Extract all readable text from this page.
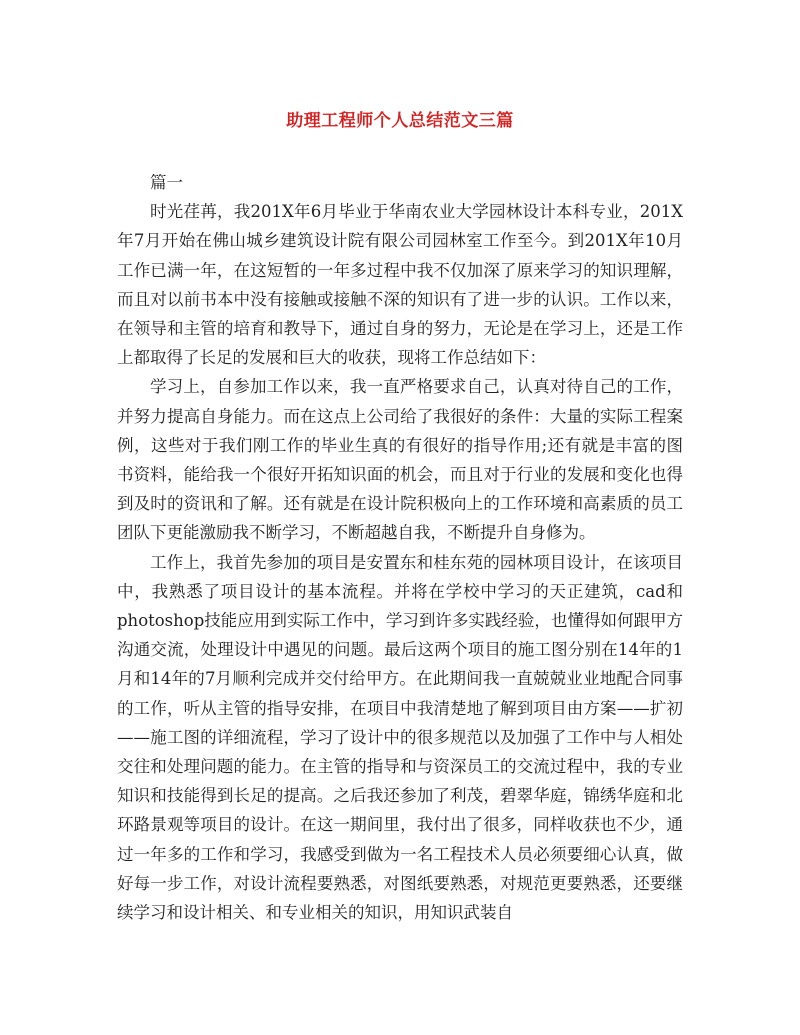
助理工程师个人总结范文三篇

篇一

时光荏苒，我201X年6月毕业于华南农业大学园林设计本科专业，201X年7月开始在佛山城乡建筑设计院有限公司园林室工作至今。到201X年10月工作已满一年，在这短暂的一年多过程中我不仅加深了原来学习的知识理解，而且对以前书本中没有接触或接触不深的知识有了进一步的认识。工作以来，在领导和主管的培育和教导下，通过自身的努力，无论是在学习上，还是工作上都取得了长足的发展和巨大的收获，现将工作总结如下：

学习上，自参加工作以来，我一直严格要求自己，认真对待自己的工作，并努力提高自身能力。而在这点上公司给了我很好的条件：大量的实际工程案例，这些对于我们刚工作的毕业生真的有很好的指导作用;还有就是丰富的图书资料，能给我一个很好开拓知识面的机会，而且对于行业的发展和变化也得到及时的资讯和了解。还有就是在设计院积极向上的工作环境和高素质的员工团队下更能激励我不断学习，不断超越自我，不断提升自身修为。

工作上，我首先参加的项目是安置东和桂东苑的园林项目设计，在该项目中，我熟悉了项目设计的基本流程。并将在学校中学习的天正建筑，cad和photoshop技能应用到实际工作中，学习到许多实践经验，也懂得如何跟甲方沟通交流，处理设计中遇见的问题。最后这两个项目的施工图分别在14年的1月和14年的7月顺利完成并交付给甲方。在此期间我一直兢兢业业地配合同事的工作，听从主管的指导安排，在项目中我清楚地了解到项目由方案——扩初——施工图的详细流程，学习了设计中的很多规范以及加强了工作中与人相处交往和处理问题的能力。在主管的指导和与资深员工的交流过程中，我的专业知识和技能得到长足的提高。之后我还参加了利茂，碧翠华庭，锦绣华庭和北环路景观等项目的设计。在这一期间里，我付出了很多，同样收获也不少，通过一年多的工作和学习，我感受到做为一名工程技术人员必须要细心认真，做好每一步工作，对设计流程要熟悉，对图纸要熟悉，对规范更要熟悉，还要继续学习和设计相关、和专业相关的知识，用知识武装自
